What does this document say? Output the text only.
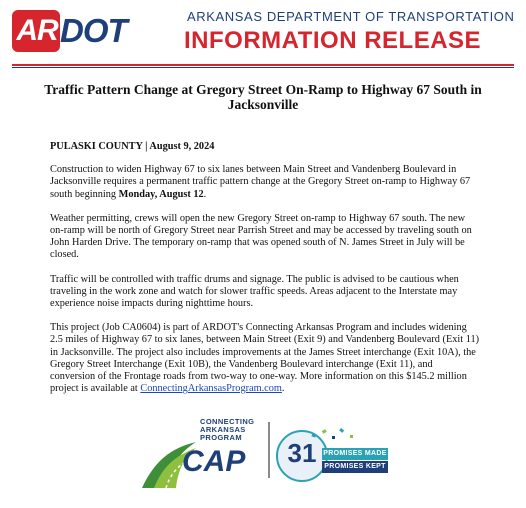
AR DOT	ARKANSAS DEPARTMENT OF TRANSPORTATION
INFORMATION RELEASE
Traffic Pattern Change at Gregory Street On-Ramp to Highway 67 South in Jacksonville
PULASKI COUNTY | August 9, 2024

Construction to widen Highway 67 to six lanes between Main Street and Vandenberg Boulevard in Jacksonville requires a permanent traffic pattern change at the Gregory Street on-ramp to Highway 67 south beginning Monday, August 12.

Weather permitting, crews will open the new Gregory Street on-ramp to Highway 67 south. The new on-ramp will be north of Gregory Street near Parrish Street and may be accessed by traveling south on John Harden Drive. The temporary on-ramp that was opened south of N. James Street in July will be closed.

Traffic will be controlled with traffic drums and signage. The public is advised to be cautious when traveling in the work zone and watch for slower traffic speeds. Areas adjacent to the Interstate may experience noise impacts during nighttime hours.

This project (Job CA0604) is part of ARDOT's Connecting Arkansas Program and includes widening 2.5 miles of Highway 67 to six lanes, between Main Street (Exit 9) and Vandenberg Boulevard (Exit 11) in Jacksonville. The project also includes improvements at the James Street interchange (Exit 10A), the Gregory Street Interchange (Exit 10B), the Vandenberg Boulevard interchange (Exit 11), and conversion of the Frontage roads from two-way to one-way. More information on this $145.2 million project is available at ConnectingArkansasProgram.com.

CONNECTING
ARKANSAS
PROGRAM
CAP 31 PROMISES MADE
PROMISES KEPT
